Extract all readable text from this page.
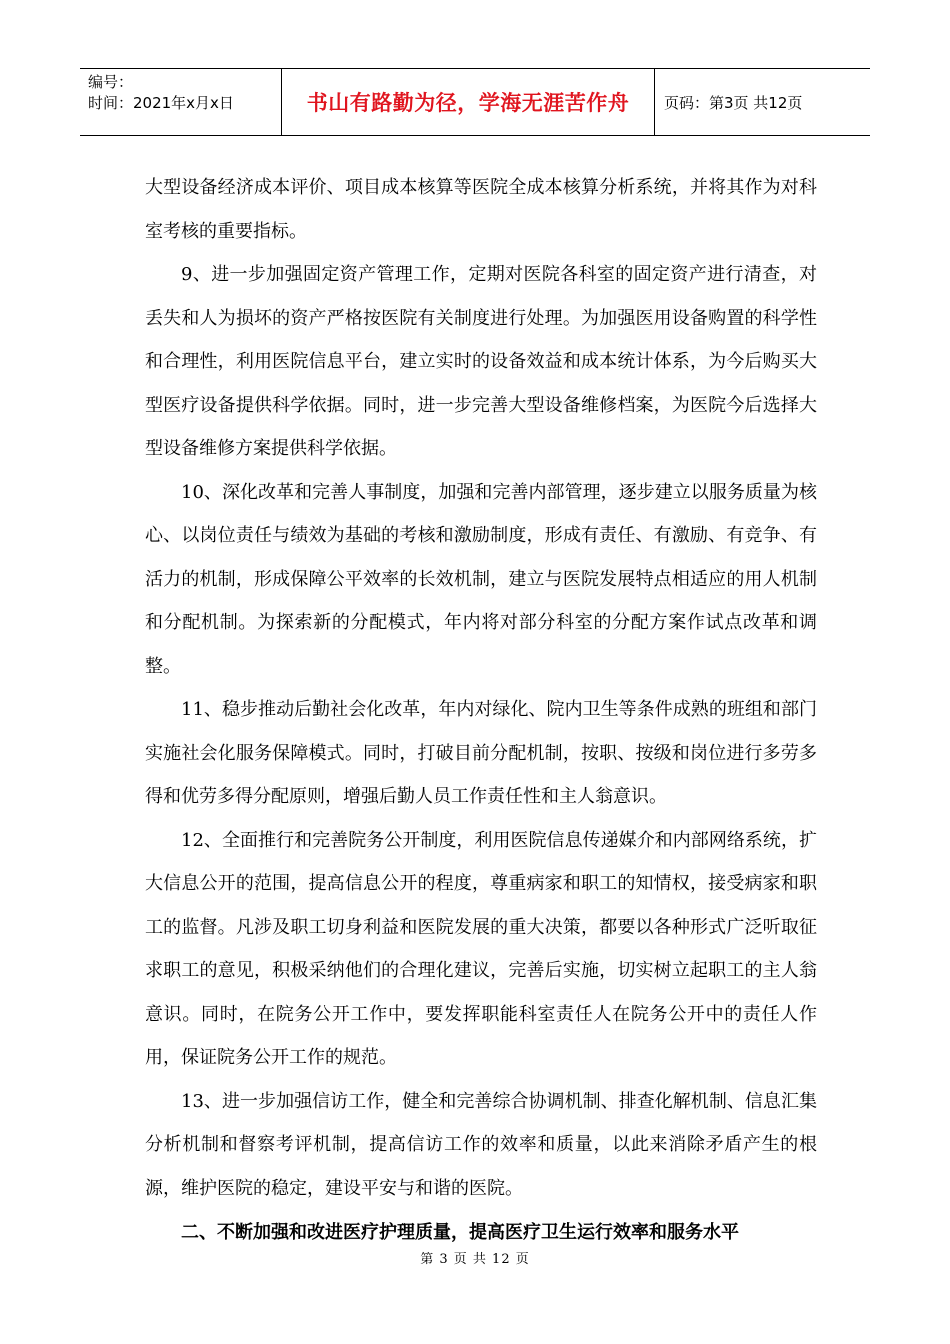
编号：
时间：2021年x月x日	书山有路勤为径，学海无涯苦作舟	页码：第3页 共12页

大型设备经济成本评价、项目成本核算等医院全成本核算分析系统，并将其作为对科室考核的重要指标。

9、进一步加强固定资产管理工作，定期对医院各科室的固定资产进行清查，对丢失和人为损坏的资产严格按医院有关制度进行处理。为加强医用设备购置的科学性和合理性，利用医院信息平台，建立实时的设备效益和成本统计体系，为今后购买大型医疗设备提供科学依据。同时，进一步完善大型设备维修档案，为医院今后选择大型设备维修方案提供科学依据。

10、深化改革和完善人事制度，加强和完善内部管理，逐步建立以服务质量为核心、以岗位责任与绩效为基础的考核和激励制度，形成有责任、有激励、有竞争、有活力的机制，形成保障公平效率的长效机制，建立与医院发展特点相适应的用人机制和分配机制。为探索新的分配模式，年内将对部分科室的分配方案作试点改革和调整。

11、稳步推动后勤社会化改革，年内对绿化、院内卫生等条件成熟的班组和部门实施社会化服务保障模式。同时，打破目前分配机制，按职、按级和岗位进行多劳多得和优劳多得分配原则，增强后勤人员工作责任性和主人翁意识。

12、全面推行和完善院务公开制度，利用医院信息传递媒介和内部网络系统，扩大信息公开的范围，提高信息公开的程度，尊重病家和职工的知情权，接受病家和职工的监督。凡涉及职工切身利益和医院发展的重大决策，都要以各种形式广泛听取征求职工的意见，积极采纳他们的合理化建议，完善后实施，切实树立起职工的主人翁意识。同时，在院务公开工作中，要发挥职能科室责任人在院务公开中的责任人作用，保证院务公开工作的规范。

13、进一步加强信访工作，健全和完善综合协调机制、排查化解机制、信息汇集分析机制和督察考评机制，提高信访工作的效率和质量，以此来消除矛盾产生的根源，维护医院的稳定，建设平安与和谐的医院。

二、不断加强和改进医疗护理质量，提高医疗卫生运行效率和服务水平

第 3 页 共 12 页
